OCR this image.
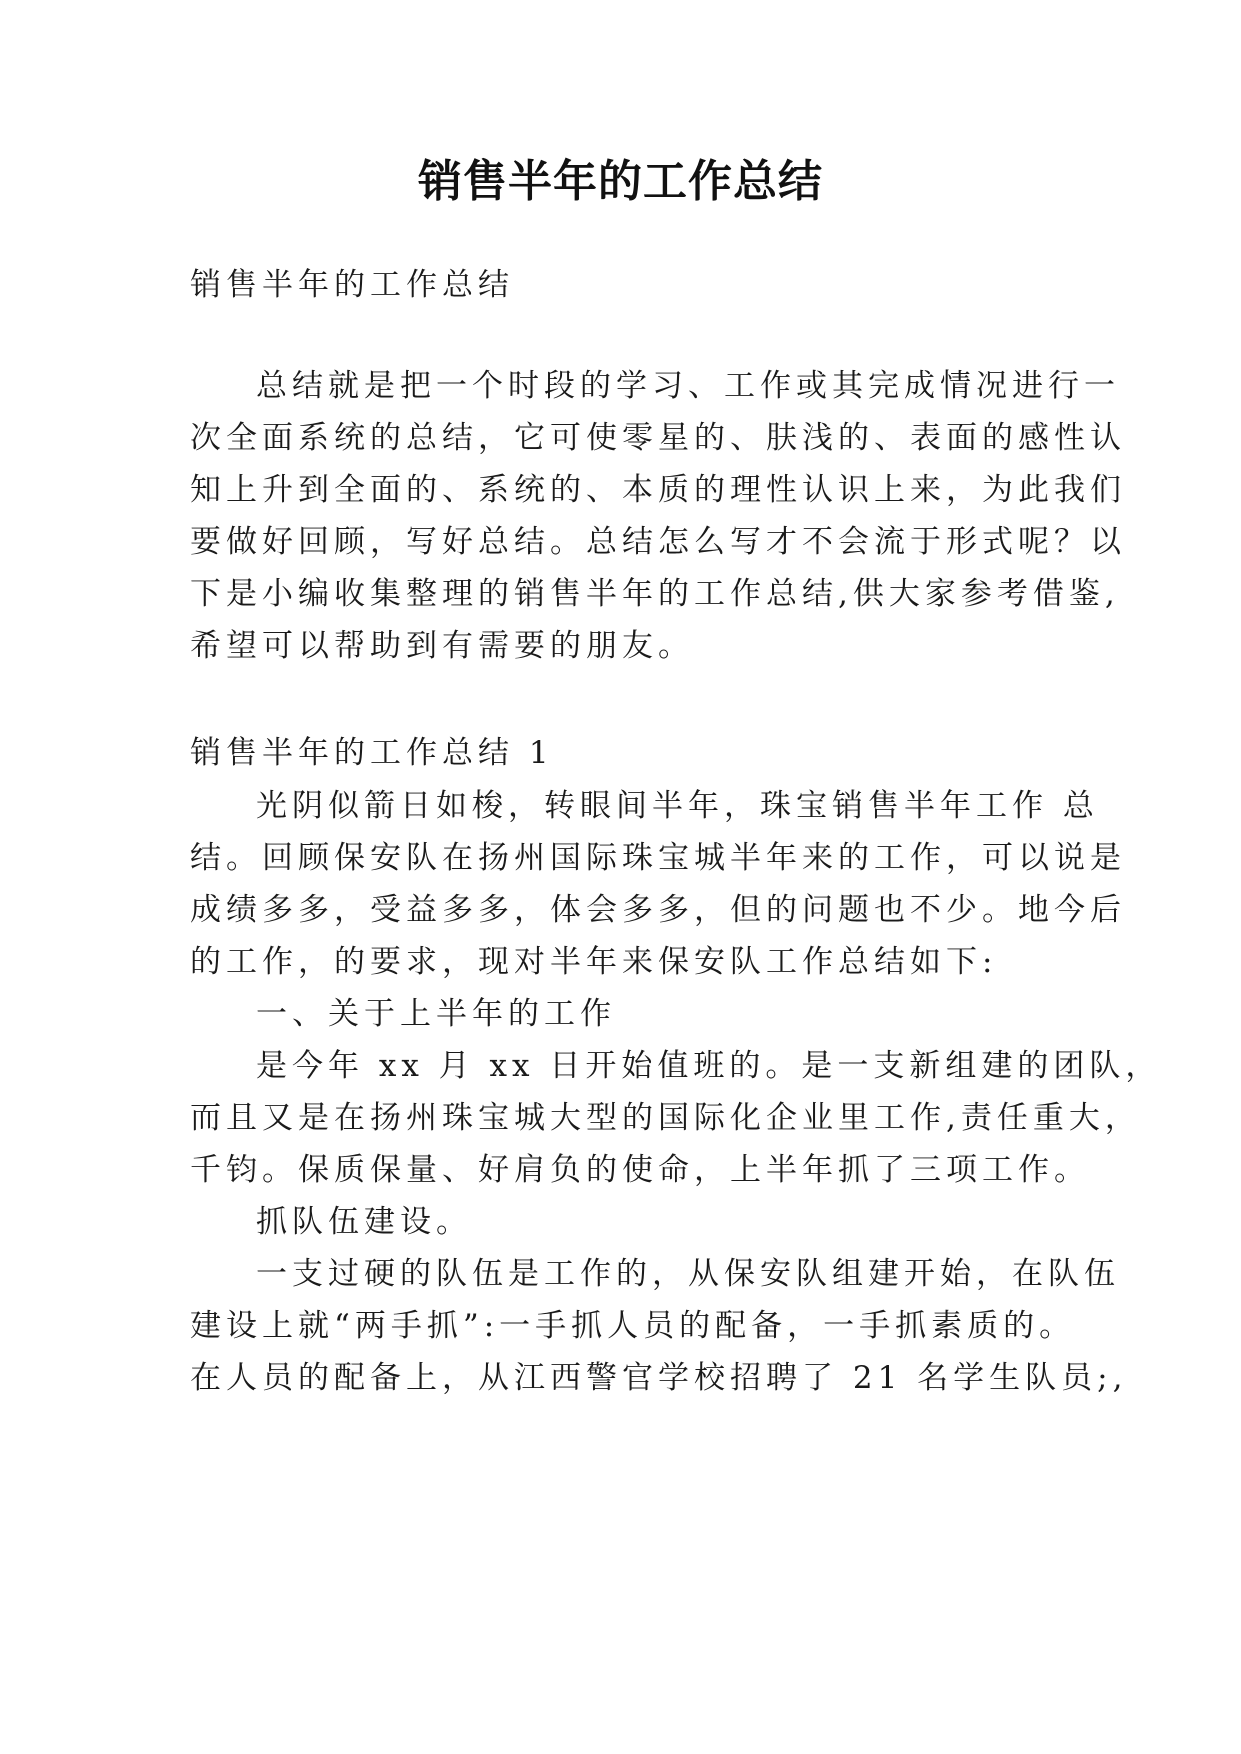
销售半年的工作总结
销售半年的工作总结
总结就是把一个时段的学习、工作或其完成情况进行一
次全面系统的总结，它可使零星的、肤浅的、表面的感性认
知上升到全面的、系统的、本质的理性认识上来，为此我们
要做好回顾，写好总结。总结怎么写才不会流于形式呢？以
下是小编收集整理的销售半年的工作总结,供大家参考借鉴,
希望可以帮助到有需要的朋友。
销售半年的工作总结 1
光阴似箭日如梭，转眼间半年，珠宝销售半年工作 总
结。回顾保安队在扬州国际珠宝城半年来的工作，可以说是
成绩多多，受益多多，体会多多，但的问题也不少。地今后
的工作，的要求，现对半年来保安队工作总结如下:
一、关于上半年的工作
是今年 xx 月 xx 日开始值班的。是一支新组建的团队，
而且又是在扬州珠宝城大型的国际化企业里工作,责任重大，
千钧。保质保量、好肩负的使命，上半年抓了三项工作。
抓队伍建设。
一支过硬的队伍是工作的，从保安队组建开始，在队伍
建设上就“两手抓”:一手抓人员的配备，一手抓素质的。
在人员的配备上，从江西警官学校招聘了 21 名学生队员;,
